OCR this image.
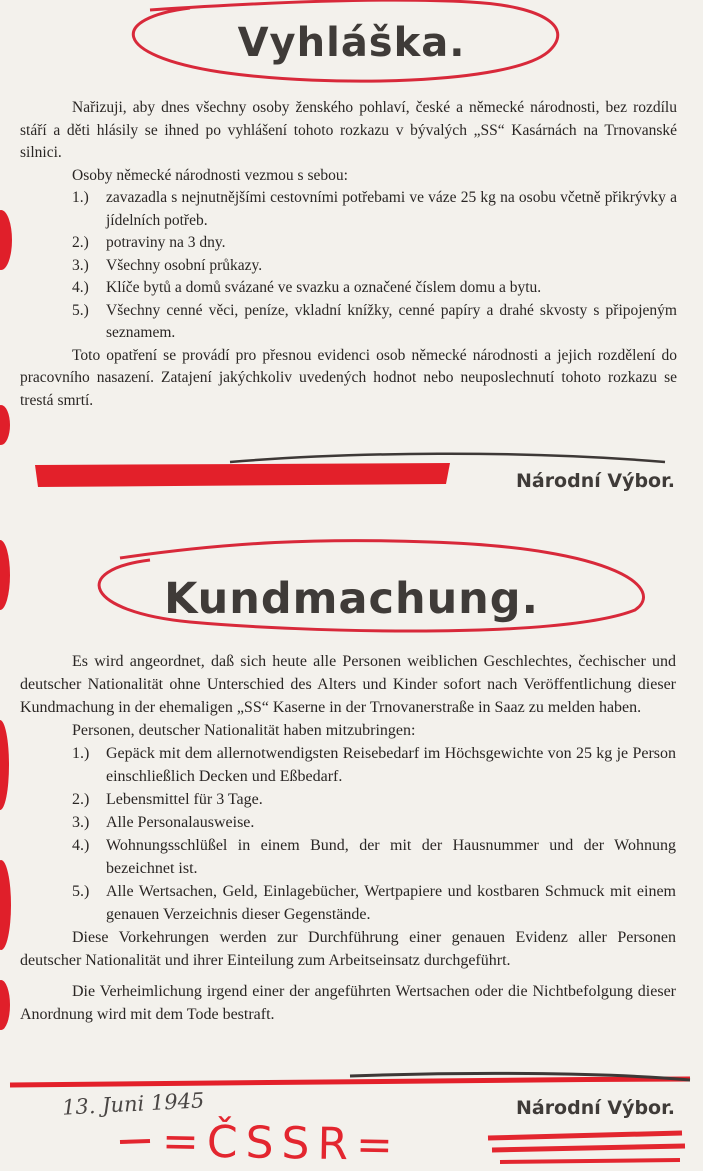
Vyhláška.

Nařizuji, aby dnes všechny osoby ženského pohlaví, české a německé národnosti, bez rozdílu stáří a děti hlásily se ihned po vyhlášení tohoto rozkazu v bývalých „SS“ Kasárnách na Trnovanské silnici.

Osoby německé národnosti vezmou s sebou:

1.)	zavazadla s nejnutnějšími cestovními potřebami ve váze 25 kg na osobu včetně přikrývky a jídelních potřeb.
2.)	potraviny na 3 dny.
3.)	Všechny osobní průkazy.
4.)	Klíče bytů a domů svázané ve svazku a označené číslem domu a bytu.
5.)	Všechny cenné věci, peníze, vkladní knížky, cenné papíry a drahé skvosty s připojeným seznamem.

Toto opatření se provádí pro přesnou evidenci osob německé národnosti a jejich rozdělení do pracovního nasazení. Zatajení jakýchkoliv uvedených hodnot nebo neuposlechnutí tohoto rozkazu se trestá smrtí.

Národní Výbor.
Kundmachung.

Es wird angeordnet, daß sich heute alle Personen weiblichen Geschlechtes, čechischer und deutscher Nationalität ohne Unterschied des Alters und Kinder sofort nach Veröffentlichung dieser Kundmachung in der ehemaligen „SS“ Kaserne in der Trnovanerstraße in Saaz zu melden haben.

Personen, deutscher Nationalität haben mitzubringen:

1.)	Gepäck mit dem allernotwendigsten Reisebedarf im Höchsgewichte von 25 kg je Person einschließlich Decken und Eßbedarf.
2.)	Lebensmittel für 3 Tage.
3.)	Alle Personalausweise.
4.)	Wohnungsschlüßel in einem Bund, der mit der Hausnummer und der Wohnung bezeichnet ist.
5.)	Alle Wertsachen, Geld, Einlagebücher, Wertpapiere und kostbaren Schmuck mit einem genauen Verzeichnis dieser Gegenstände.

Diese Vorkehrungen werden zur Durchführung einer genauen Evidenz aller Personen deutscher Nationalität und ihrer Einteilung zum Arbeitseinsatz durchgeführt.

Die Verheimlichung irgend einer der angeführten Wertsachen oder die Nichtbefolgung dieser Anordnung wird mit dem Tode bestraft.

Národní Výbor.
13. Juni 1945
=ČSSR=
